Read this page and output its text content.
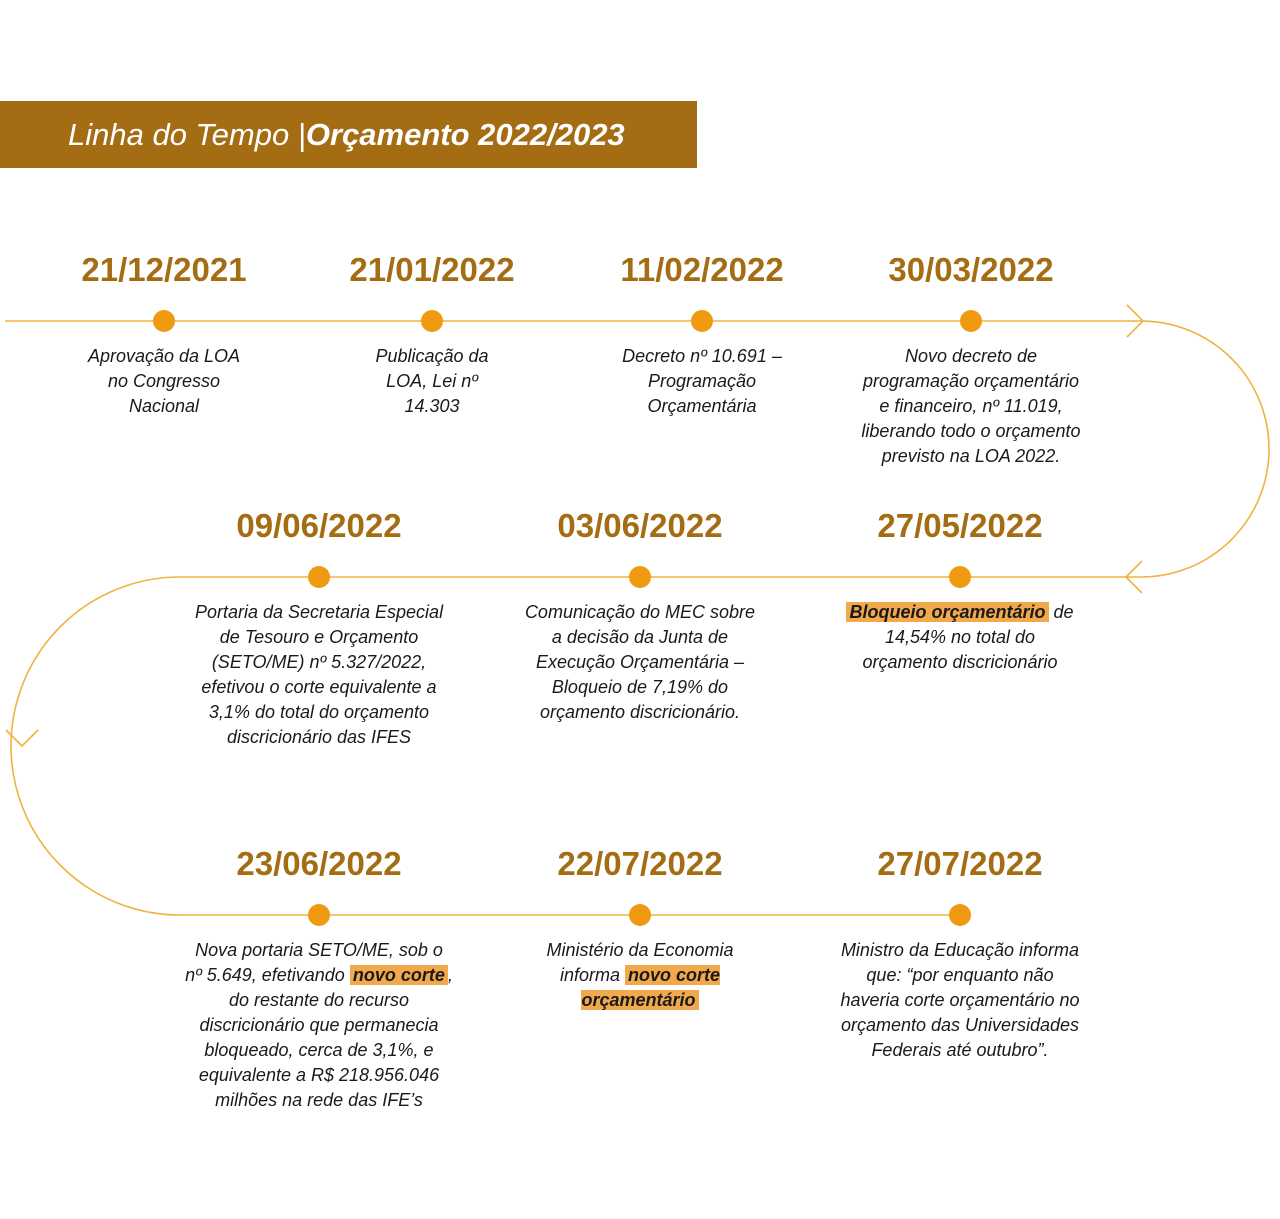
Linha do Tempo | Orçamento 2022/2023
21/12/2021
Aprovação da LOA
no Congresso
Nacional
21/01/2022
Publicação da
LOA, Lei nº
14.303
11/02/2022
Decreto nº 10.691 –
Programação
Orçamentária
30/03/2022
Novo decreto de
programação orçamentário
e financeiro, nº 11.019,
liberando todo o orçamento
previsto na LOA 2022.
27/05/2022
Bloqueio orçamentário de
14,54% no total do
orçamento discricionário
03/06/2022
Comunicação do MEC sobre
a decisão da Junta de
Execução Orçamentária –
Bloqueio de 7,19% do
orçamento discricionário.
09/06/2022
Portaria da Secretaria Especial
de Tesouro e Orçamento
(SETO/ME) nº 5.327/2022,
efetivou o corte equivalente a
3,1% do total do orçamento
discricionário das IFES
23/06/2022
Nova portaria SETO/ME, sob o
nº 5.649, efetivando novo corte ,
do restante do recurso
discricionário que permanecia
bloqueado, cerca de 3,1%, e
equivalente a R$ 218.956.046
milhões na rede das IFE’s
22/07/2022
Ministério da Economia
informa novo corte
orçamentário
27/07/2022
Ministro da Educação informa
que: “por enquanto não
haveria corte orçamentário no
orçamento das Universidades
Federais até outubro”.
